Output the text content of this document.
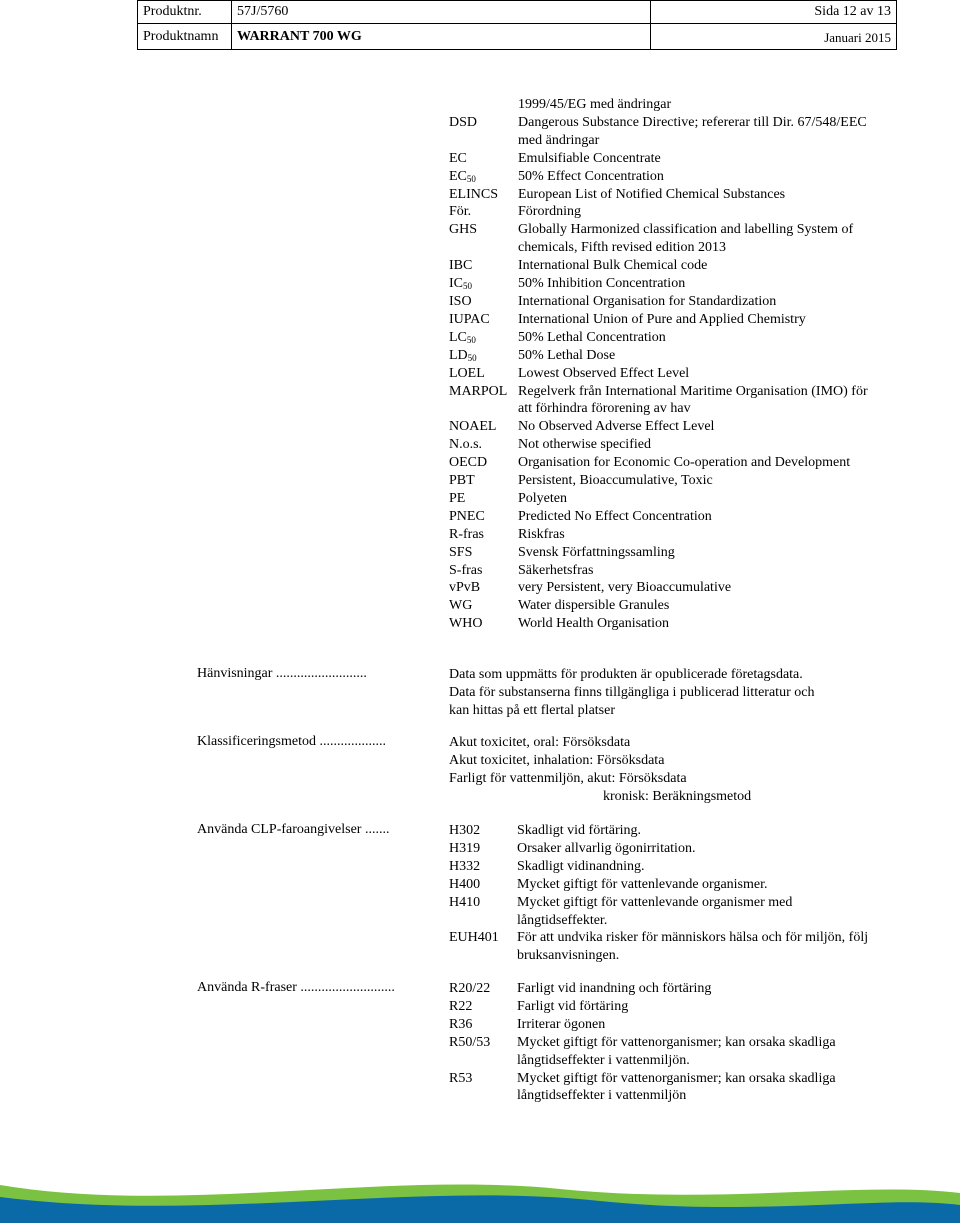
Produktnr.	57J/5760	Sida 12 av 13
Produktnamn	WARRANT 700 WG	Januari 2015
1999/45/EG med ändringar
DSD	Dangerous Substance Directive; refererar till Dir. 67/548/EEC med ändringar
EC	Emulsifiable Concentrate
$EC_{50}$	50% Effect Concentration
ELINCS European List of Notified Chemical Substances
För.	Förordning
GHS	Globally Harmonized classification and labelling System of chemicals, Fifth revised edition 2013
IBC	International Bulk Chemical code
$IC_{50}$	50% Inhibition Concentration
ISO	International Organisation for Standardization
IUPAC International Union of Pure and Applied Chemistry
$LC_{50}$	50% Lethal Concentration
$LD_{50}$	50% Lethal Dose
LOEL Lowest Observed Effect Level
MARPOL Regelverk från International Maritime Organisation (IMO) för att förhindra förorening av hav
NOAEL No Observed Adverse Effect Level
N.o.s.	Not otherwise specified
OECD Organisation for Economic Co-operation and Development
PBT	Persistent, Bioaccumulative, Toxic
PE	Polyeten
PNEC Predicted No Effect Concentration
R-fras Riskfras
SFS	Svensk Författningssamling
S-fras	Säkerhetsfras
vPvB	very Persistent, very Bioaccumulative
WG	Water dispersible Granules
WHO	World Health Organisation
Hänvisningar ..........................	Data som uppmätts för produkten är opublicerade företagsdata.
Data för substanserna finns tillgängliga i publicerad litteratur och
kan hittas på ett flertal platser
Klassificeringsmetod ...................	Akut toxicitet, oral: Försöksdata
Akut toxicitet, inhalation: Försöksdata
Farligt för vattenmiljön, akut: Försöksdata
kronisk: Beräkningsmetod
Använda CLP-faroangivelser .......	H302	Skadligt vid förtäring.
H319	Orsaker allvarlig ögonirritation.
H332	Skadligt vidinandning.
H400	Mycket giftigt för vattenlevande organismer.
H410	Mycket giftigt för vattenlevande organismer med långtidseffekter.
EUH401 För att undvika risker för människors hälsa och för miljön, följ bruksanvisningen.
Använda R-fraser ...........................	R20/22 Farligt vid inandning och förtäring
R22	Farligt vid förtäring
R36	Irriterar ögonen
R50/53 Mycket giftigt för vattenorganismer; kan orsaka skadliga långtidseffekter i vattenmiljön.
R53	Mycket giftigt för vattenorganismer; kan orsaka skadliga långtidseffekter i vattenmiljön
